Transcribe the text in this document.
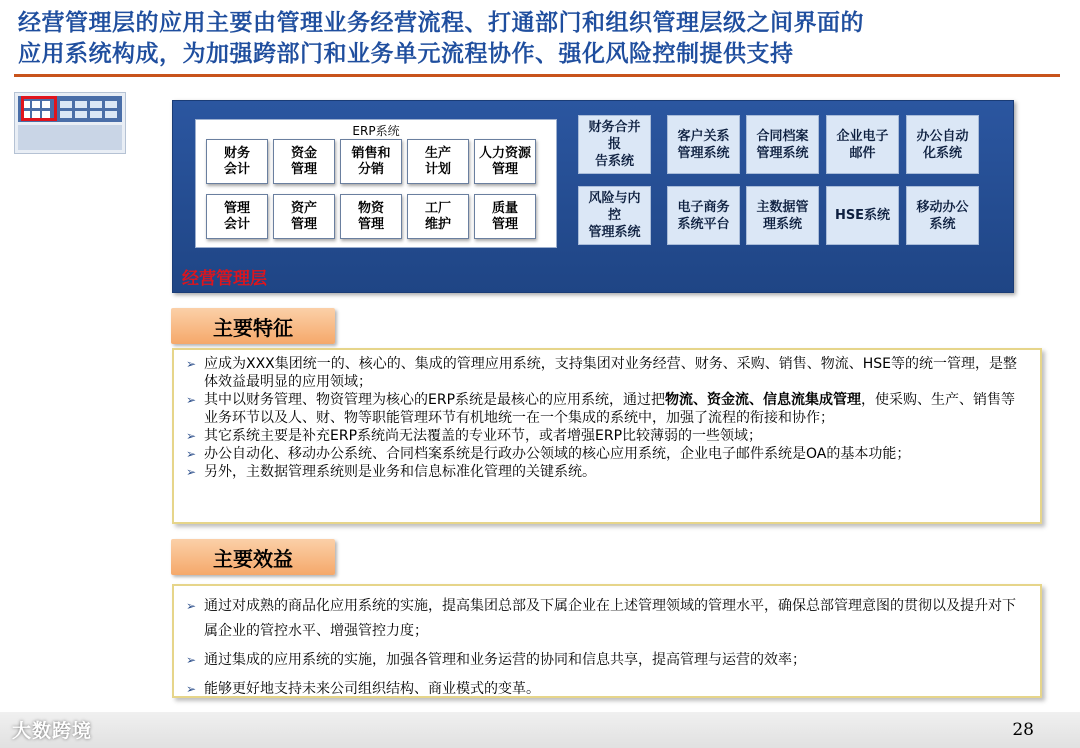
经营管理层的应用主要由管理业务经营流程、打通部门和组织管理层级之间界面的
应用系统构成，为加强跨部门和业务单元流程协作、强化风险控制提供支持
ERP系统
财务
会计
资金
管理
销售和
分销
生产
计划
人力资源
管理
管理
会计
资产
管理
物资
管理
工厂
维护
质量
管理
财务合并报
告系统
客户关系
管理系统
合同档案
管理系统
企业电子
邮件
办公自动
化系统
风险与内控
管理系统
电子商务
系统平台
主数据管
理系统
HSE系统
移动办公
系统
经营管理层
主要特征
➢ 应成为XXX集团统一的、核心的、集成的管理应用系统，支持集团对业务经营、财务、采购、销售、物流、HSE等的统一管理，是整体效益最明显的应用领域；
➢ 其中以财务管理、物资管理为核心的ERP系统是最核心的应用系统，通过把物流、资金流、信息流集成管理，使采购、生产、销售等业务环节以及人、财、物等职能管理环节有机地统一在一个集成的系统中，加强了流程的衔接和协作；
➢ 其它系统主要是补充ERP系统尚无法覆盖的专业环节，或者增强ERP比较薄弱的一些领域；
➢ 办公自动化、移动办公系统、合同档案系统是行政办公领域的核心应用系统，企业电子邮件系统是OA的基本功能；
➢ 另外，主数据管理系统则是业务和信息标准化管理的关键系统。
主要效益
➢ 通过对成熟的商品化应用系统的实施，提高集团总部及下属企业在上述管理领域的管理水平，确保总部管理意图的贯彻以及提升对下属企业的管控水平、增强管控力度；
➢ 通过集成的应用系统的实施，加强各管理和业务运营的协同和信息共享，提高管理与运营的效率；
➢ 能够更好地支持未来公司组织结构、商业模式的变革。
大数跨境	28
